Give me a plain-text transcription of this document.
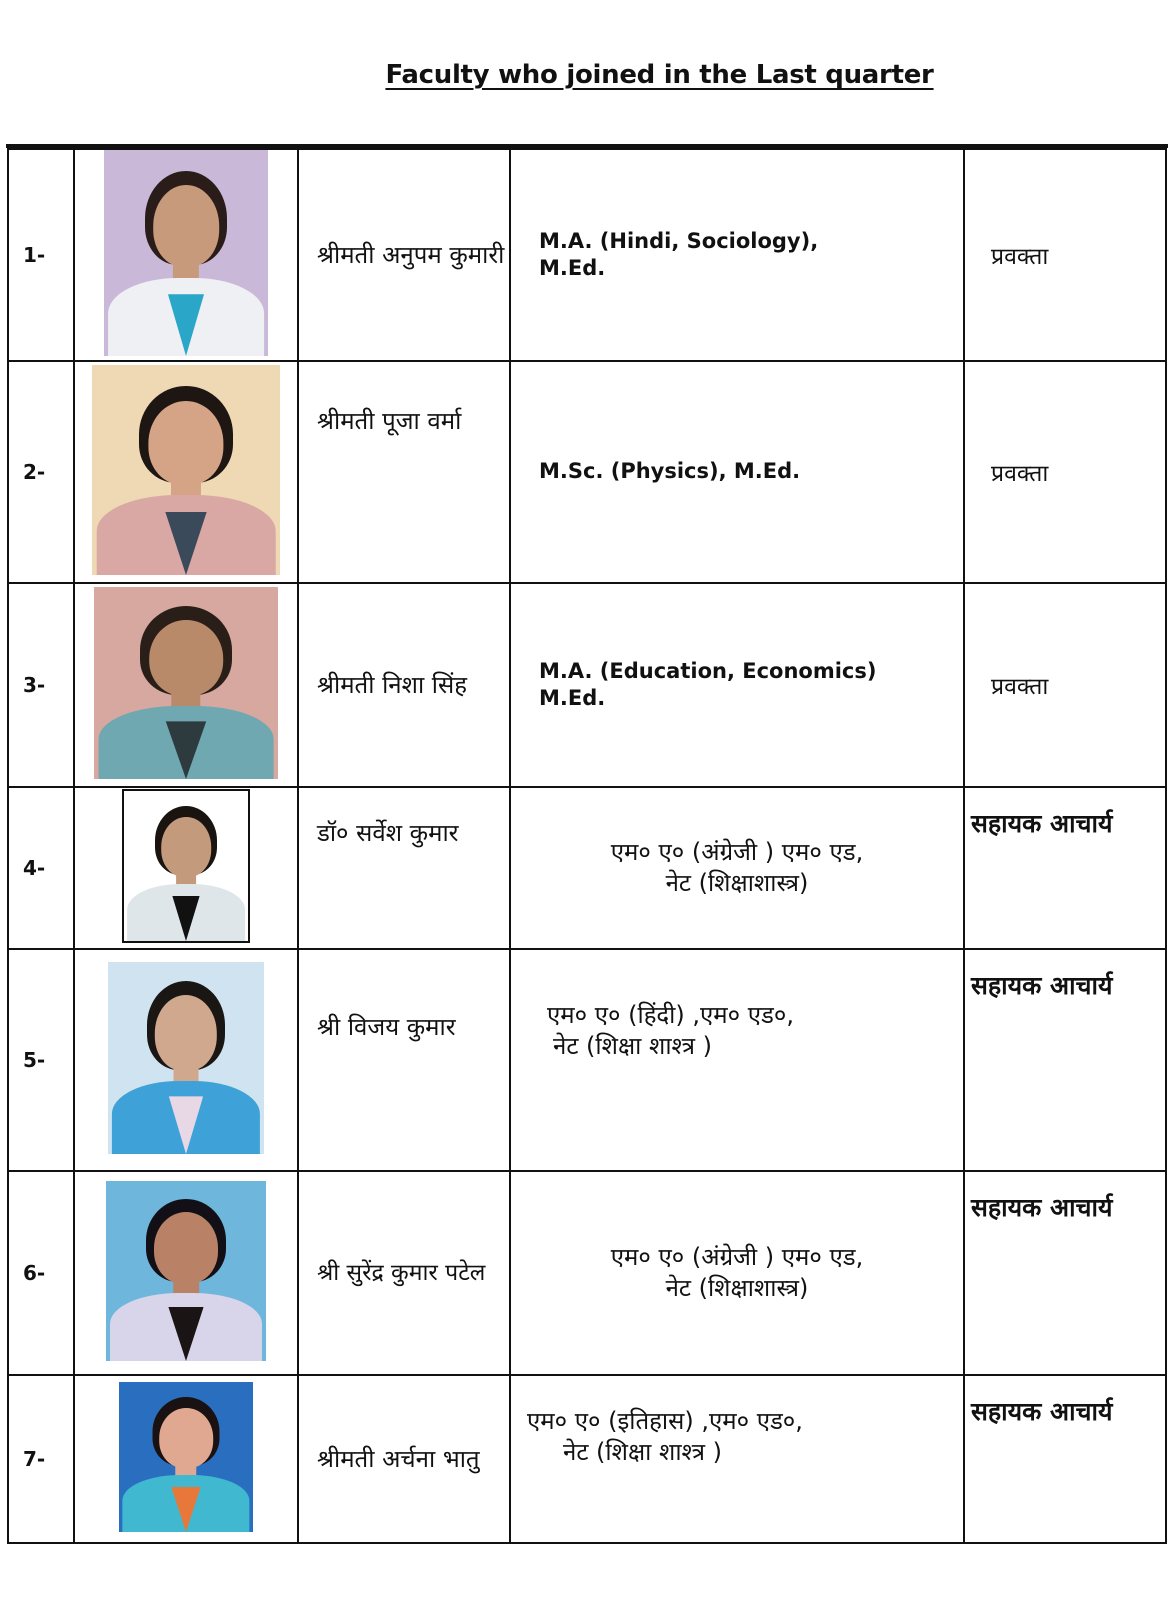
Faculty who joined in the Last quarter
1-		श्रीमती अनुपम कुमारी	M.A. (Hindi, Sociology),
M.Ed.	प्रवक्ता
2-		श्रीमती पूजा वर्मा	M.Sc. (Physics), M.Ed.	प्रवक्ता
3-		श्रीमती निशा सिंह	M.A. (Education, Economics)
M.Ed.	प्रवक्ता
4-		डॉ० सर्वेश कुमार	एम० ए० (अंग्रेजी ) एम० एड,
नेट (शिक्षाशास्त्र)	सहायक आचार्य
5-		श्री विजय कुमार	एम० ए० (हिंदी) ,एम० एड०,
नेट (शिक्षा शाश्त्र )	सहायक आचार्य
6-		श्री सुरेंद्र कुमार पटेल	एम० ए० (अंग्रेजी ) एम० एड,
नेट (शिक्षाशास्त्र)	सहायक आचार्य
7-		श्रीमती अर्चना भातु	एम० ए० (इतिहास) ,एम० एड०,
नेट (शिक्षा शाश्त्र )	सहायक आचार्य
